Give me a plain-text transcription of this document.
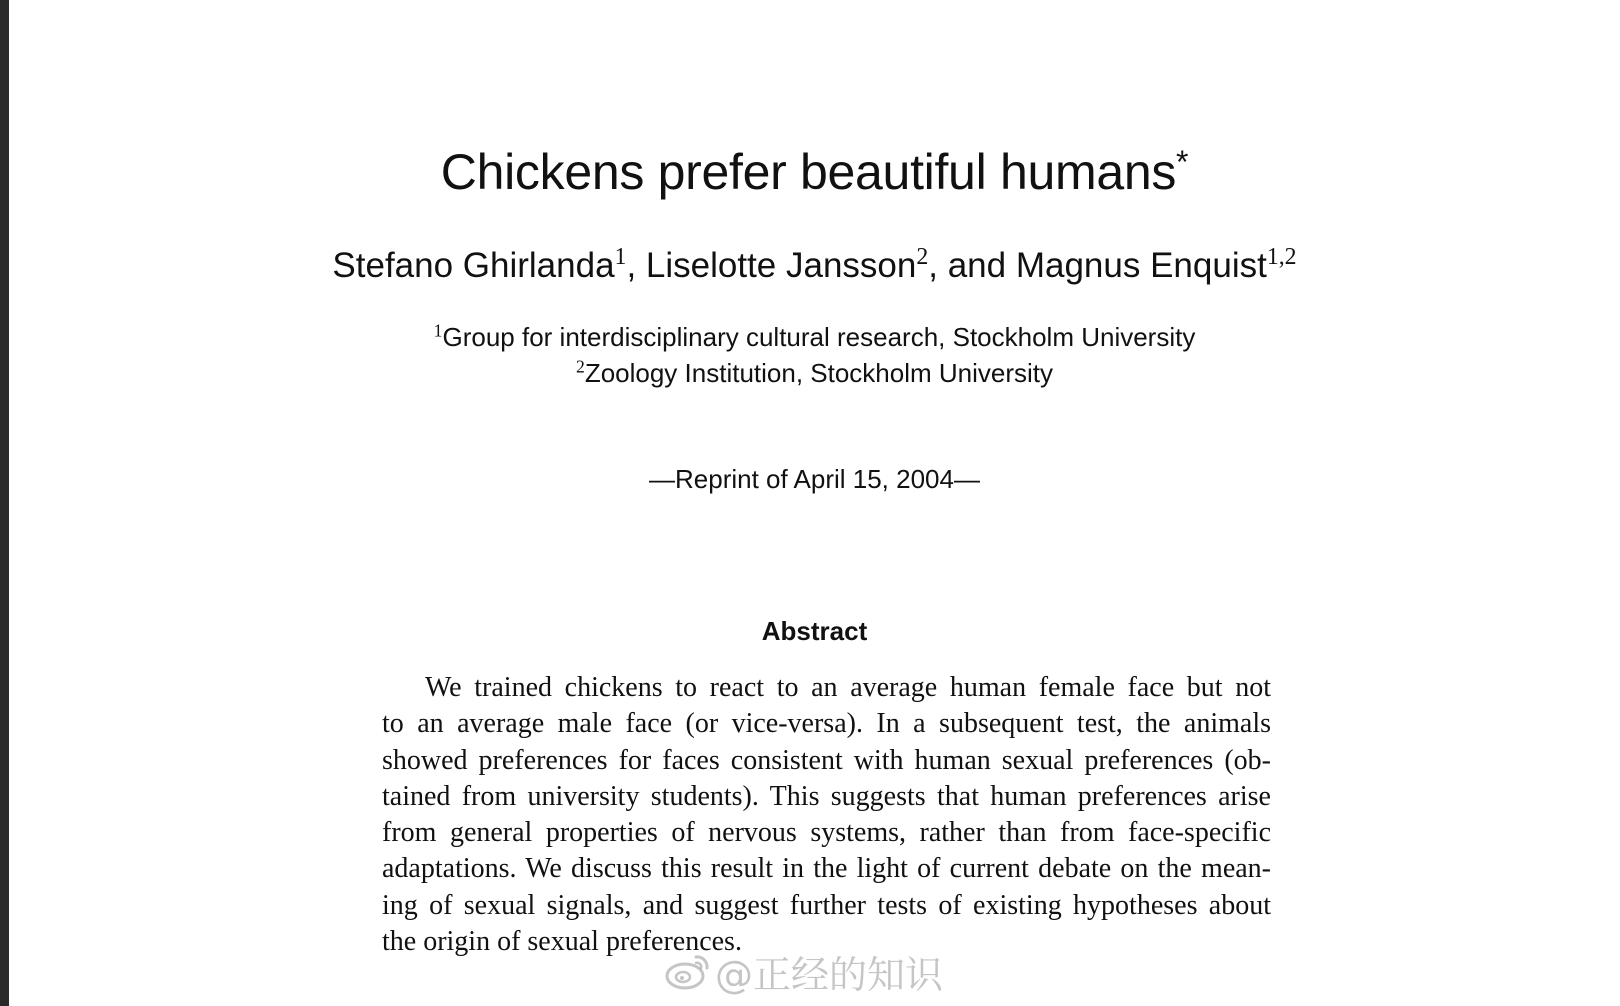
Chickens prefer beautiful humans*
Stefano Ghirlanda$^1$, Liselotte Jansson$^2$, and Magnus Enquist$^{1,2}$
$^1$Group for interdisciplinary cultural research, Stockholm University
$^2$Zoology Institution, Stockholm University
—Reprint of April 15, 2004—
Abstract
We trained chickens to react to an average human female face but not
to an average male face (or vice-versa). In a subsequent test, the animals
showed preferences for faces consistent with human sexual preferences (ob-
tained from university students). This suggests that human preferences arise
from general properties of nervous systems, rather than from face-specific
adaptations. We discuss this result in the light of current debate on the mean-
ing of sexual signals, and suggest further tests of existing hypotheses about
the origin of sexual preferences.
@正经的知识
